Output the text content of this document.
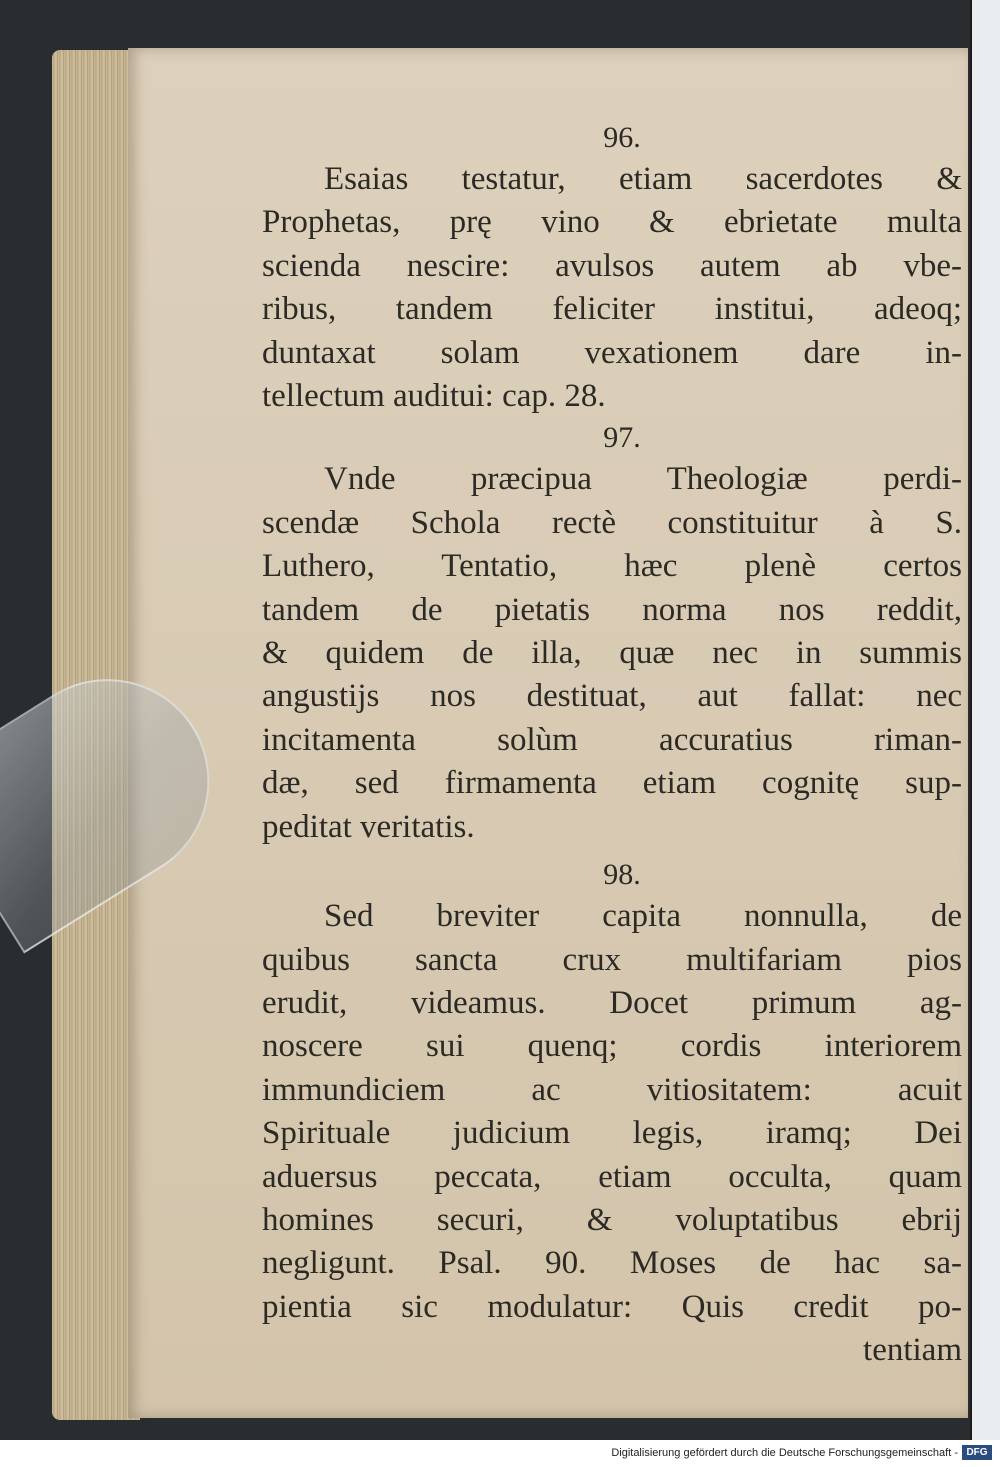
96.
Esaias testatur, etiam sacerdotes &
Prophetas, prę vino & ebrietate multa
scienda nescire: avulsos autem ab vbe-
ribus, tandem feliciter institui, adeoq;
duntaxat solam vexationem dare in-
tellectum auditui: cap. 28.
97.
Vnde præcipua Theologiæ perdi-
scendæ Schola rectè constituitur à S.
Luthero, Tentatio, hæc plenè certos
tandem de pietatis norma nos reddit,
& quidem de illa, quæ nec in summis
angustijs nos destituat, aut fallat: nec
incitamenta solùm accuratius riman-
dæ, sed firmamenta etiam cognitę sup-
peditat veritatis.
98.
Sed breviter capita nonnulla, de
quibus sancta crux multifariam pios
erudit, videamus. Docet primum ag-
noscere sui quenq; cordis interiorem
immundiciem ac vitiositatem: acuit
Spirituale judicium legis, iramq; Dei
aduersus peccata, etiam occulta, quam
homines securi, & voluptatibus ebrij
negligunt. Psal. 90. Moses de hac sa-
pientia sic modulatur: Quis credit po-
tentiam
Digitalisierung gefördert durch die Deutsche Forschungsgemeinschaft - DFG
